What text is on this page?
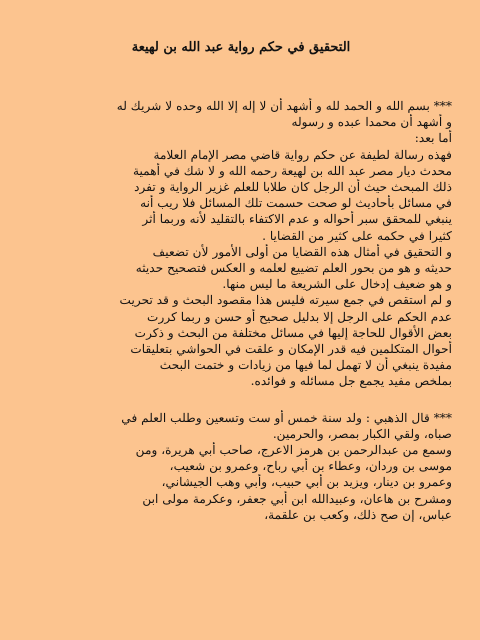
التحقيق في حكم رواية عبد الله بن لهيعة
*** بسم الله و الحمد لله و أشهد أن لا إله إلا الله وحده لا شريك له
و أشهد أن محمدا عبده و رسوله
أما بعد:
فهذه رسالة لطيفة عن حكم رواية قاضي مصر الإمام العلامة
محدث ديار مصر عبد الله بن لهيعة رحمه الله و لا شك في أهمية
ذلك المبحث حيث أن الرجل كان طلابا للعلم غزير الرواية و تفرد
في مسائل بأحاديث لو صحت حسمت تلك المسائل فلا ريب أنه
ينبغي للمحقق سبر أحواله و عدم الاكتفاء بالتقليد لأنه وربما أثر
كثيرا في حكمه على كثير من القضايا .
و التحقيق في أمثال هذه القضايا من أولى الأمور لأن تضعيف
حديثه و هو من بحور العلم تضييع لعلمه و العكس فتصحيح حديثه
و هو ضعيف إدخال على الشريعة ما ليس منها.
و لم استقص في جمع سيرته فليس هذا مقصود البحث و قد تحريت
عدم الحكم على الرجل إلا بدليل صحيح أو حسن و ربما كررت
بعض الأقوال للحاجة إليها في مسائل مختلفة من البحث و ذكرت
أحوال المتكلمين فيه قدر الإمكان و علقت في الحواشي بتعليقات
مفيدة ينبغي أن لا تهمل لما فيها من زيادات و ختمت البحث
بملخص مفيد يجمع جل مسائله و فوائده.
*** قال الذهبي : ولد سنة خمس أو ست وتسعين وطلب العلم في
صباه، ولقي الكبار بمصر، والحرمين.
وسمع من عبدالرحمن بن هرمز الاعرج، صاحب أبي هريرة، ومن
موسى بن وردان، وعطاء بن أبي رباح، وعمرو بن شعيب،
وعمرو بن دينار، ويزيد بن أبي حبيب، وأبي وهب الجيشاني،
ومشرح بن هاعان، وعبيدالله ابن أبي جعفر، وعكرمة مولى ابن
عباس، إن صح ذلك، وكعب بن علقمة،
